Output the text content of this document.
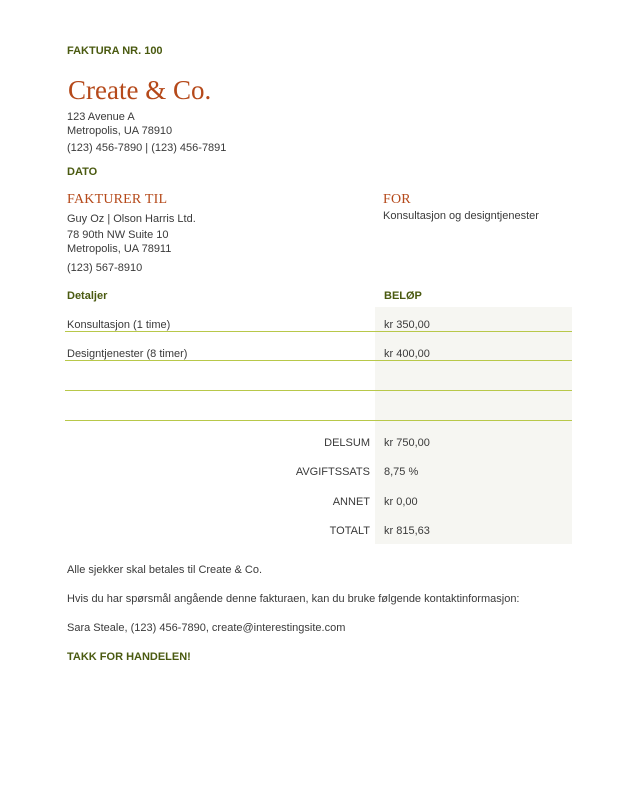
FAKTURA NR. 100
Create & Co.
123 Avenue A
Metropolis, UA 78910
(123) 456-7890 | (123) 456-7891
DATO
FAKTURER TIL
Guy Oz | Olson Harris Ltd.
78 90th NW Suite 10
Metropolis, UA 78911
(123) 567-8910
FOR
Konsultasjon og designtjenester
Detaljer	BELØP
Konsultasjon (1 time)	kr 350,00
Designtjenester (8 timer)	kr 400,00
DELSUM kr 750,00
AVGIFTSSATS 8,75 %
ANNET kr 0,00
TOTALT kr 815,63
Alle sjekker skal betales til Create & Co.
Hvis du har spørsmål angående denne fakturaen, kan du bruke følgende kontaktinformasjon:
Sara Steale, (123) 456-7890, create@interestingsite.com
TAKK FOR HANDELEN!
